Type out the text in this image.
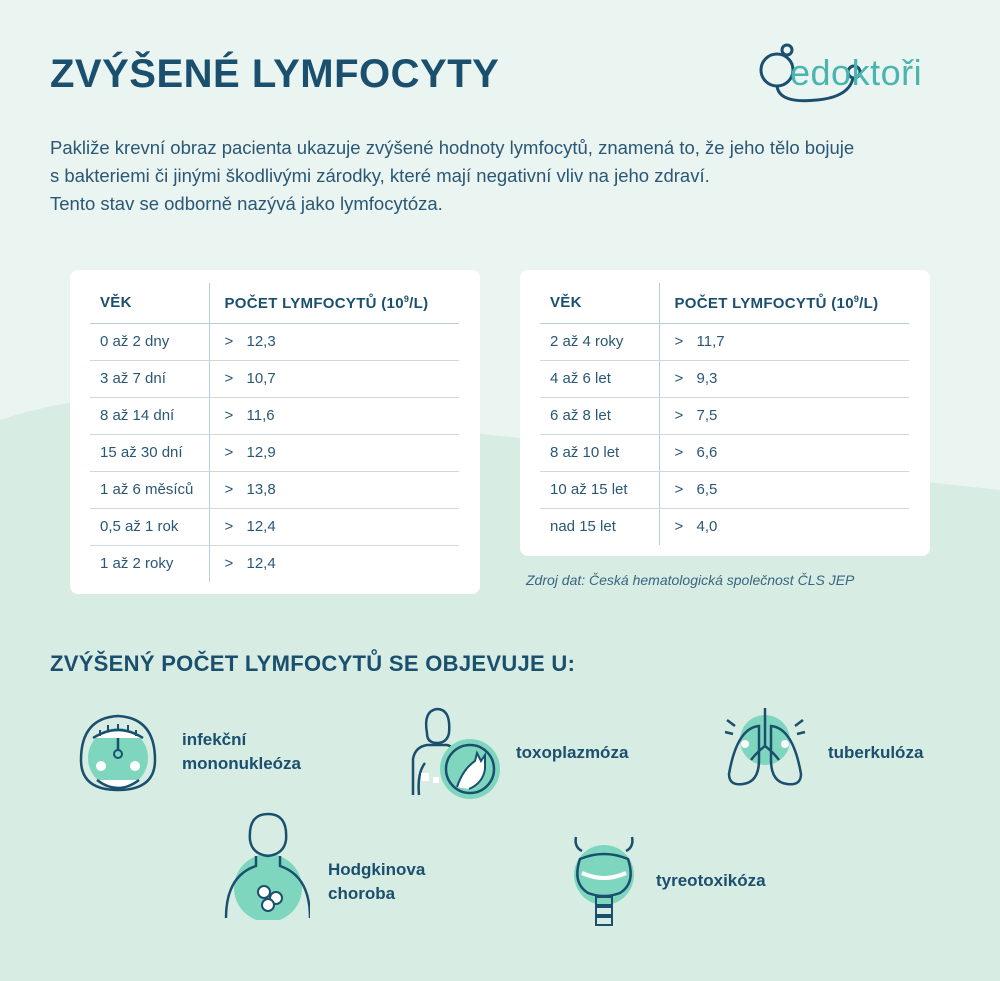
ZVÝŠENÉ LYMFOCYTY	edoktoři

Pakliže krevní obraz pacienta ukazuje zvýšené hodnoty lymfocytů, znamená to, že jeho tělo bojuje

s bakteriemi či jinými škodlivými zárodky, které mají negativní vliv na jeho zdraví.

Tento stav se odborně nazývá jako lymfocytóza.

VĚK	POČET LYMFOCYTŮ $(10^9/L)$
0 až 2 dny	> 12,3
3 až 7 dní	> 10,7
8 až 14 dní	> 11,6
15 až 30 dní	> 12,9
1 až 6 měsíců	> 13,8
0,5 až 1 rok	> 12,4
1 až 2 roky	> 12,4
VĚK	POČET LYMFOCYTŮ $(10^9/L)$
2 až 4 roky	> 11,7
4 až 6 let	> 9,3
6 až 8 let	> 7,5
8 až 10 let	> 6,6
10 až 15 let	> 6,5
nad 15 let	> 4,0
Zdroj dat: Česká hematologická společnost ČLS JEP
ZVÝŠENÝ POČET LYMFOCYTŮ SE OBJEVUJE U:
infekční
mononukleóza
toxoplazmóza	tuberkulóza
Hodgkinova
choroba
tyreotoxikóza
